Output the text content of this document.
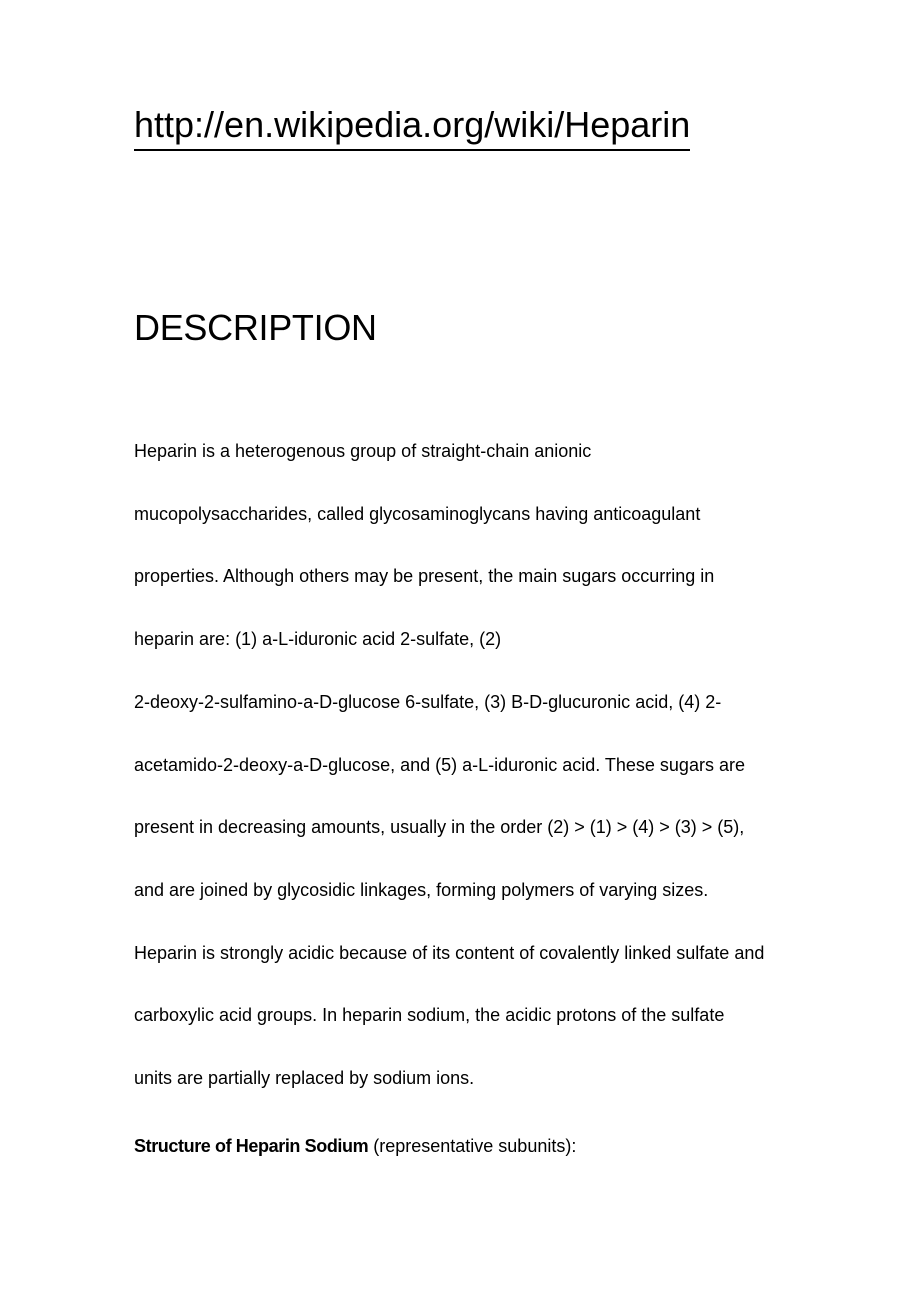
http://en.wikipedia.org/wiki/Heparin
DESCRIPTION

Heparin is a heterogenous group of straight-chain anionic
mucopolysaccharides, called glycosaminoglycans having anticoagulant
properties. Although others may be present, the main sugars occurring in
heparin are: (1) a-L-iduronic acid 2-sulfate, (2)
2-deoxy-2-sulfamino-a-D-glucose 6-sulfate, (3) B-D-glucuronic acid, (4) 2-
acetamido-2-deoxy-a-D-glucose, and (5) a-L-iduronic acid. These sugars are
present in decreasing amounts, usually in the order (2) > (1) > (4) > (3) > (5),
and are joined by glycosidic linkages, forming polymers of varying sizes.
Heparin is strongly acidic because of its content of covalently linked sulfate and
carboxylic acid groups. In heparin sodium, the acidic protons of the sulfate
units are partially replaced by sodium ions.

Structure of Heparin Sodium (representative subunits):
